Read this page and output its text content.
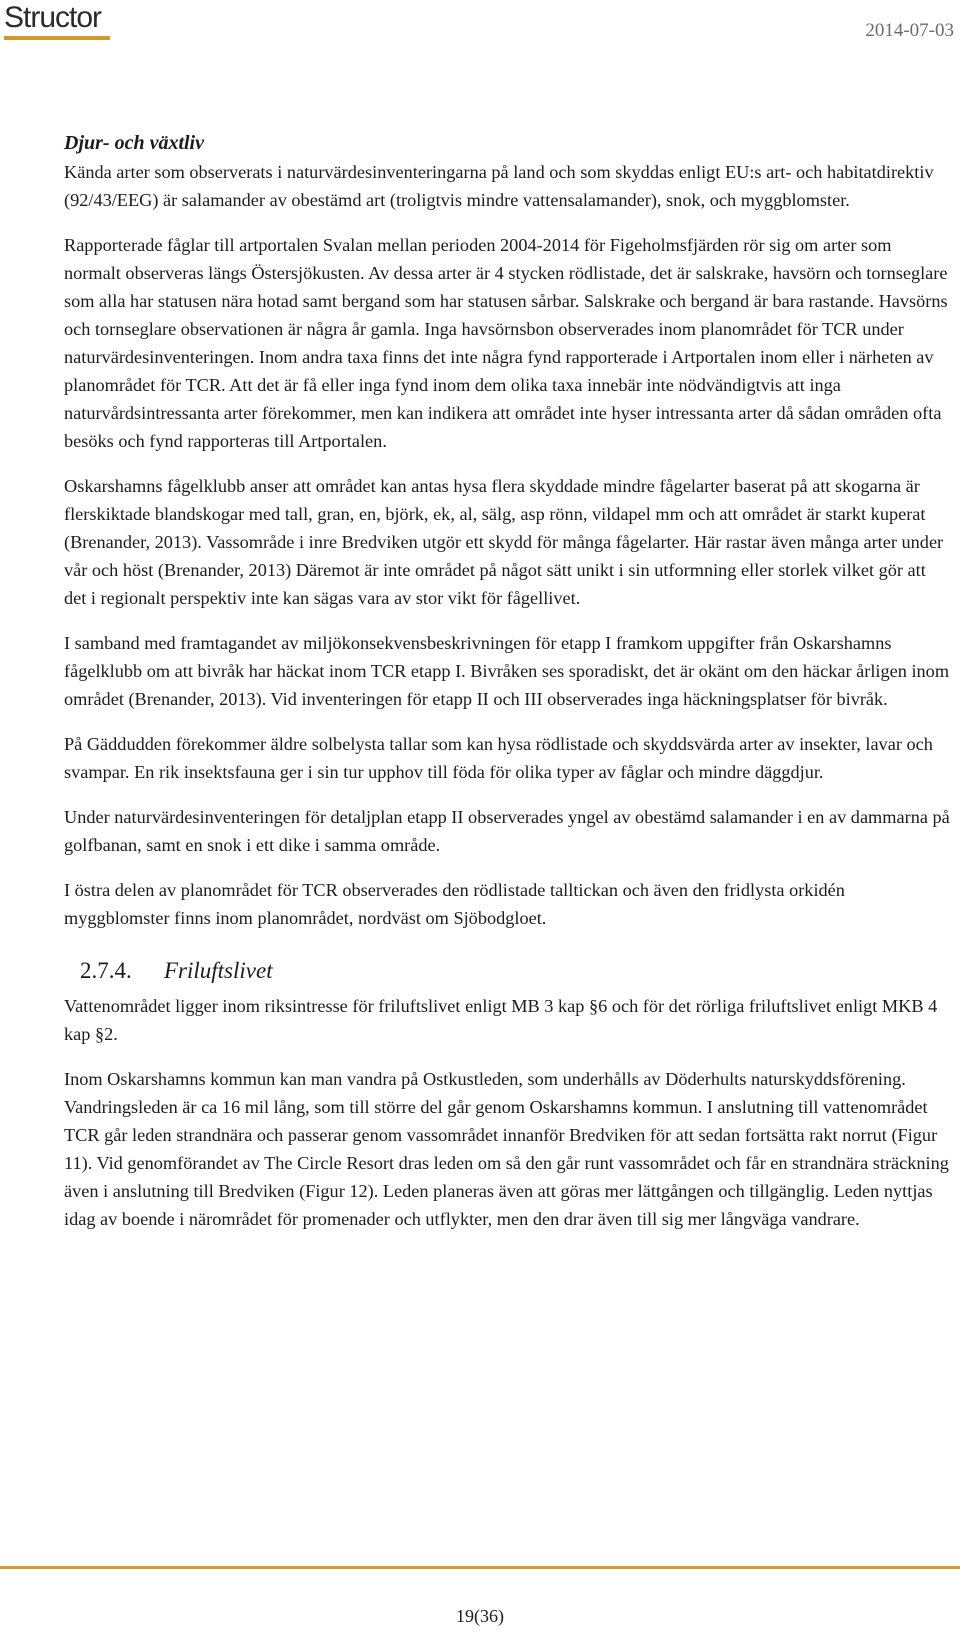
Structor	2014-07-03
Djur- och växtliv

Kända arter som observerats i naturvärdesinventeringarna på land och som skyddas enligt EU:s art- och habitatdirektiv (92/43/EEG) är salamander av obestämd art (troligtvis mindre vattensalamander), snok, och myggblomster.

Rapporterade fåglar till artportalen Svalan mellan perioden 2004-2014 för Figeholmsfjärden rör sig om arter som normalt observeras längs Östersjökusten. Av dessa arter är 4 stycken rödlistade, det är salskrake, havsörn och tornseglare som alla har statusen nära hotad samt bergand som har statusen sårbar. Salskrake och bergand är bara rastande. Havsörns och tornseglare observationen är några år gamla. Inga havsörnsbon observerades inom planområdet för TCR under naturvärdesinventeringen. Inom andra taxa finns det inte några fynd rapporterade i Artportalen inom eller i närheten av planområdet för TCR. Att det är få eller inga fynd inom dem olika taxa innebär inte nödvändigtvis att inga naturvårdsintressanta arter förekommer, men kan indikera att området inte hyser intressanta arter då sådan områden ofta besöks och fynd rapporteras till Artportalen.

Oskarshamns fågelklubb anser att området kan antas hysa flera skyddade mindre fågelarter baserat på att skogarna är flerskiktade blandskogar med tall, gran, en, björk, ek, al, sälg, asp rönn, vildapel mm och att området är starkt kuperat (Brenander, 2013). Vassområde i inre Bredviken utgör ett skydd för många fågelarter. Här rastar även många arter under vår och höst (Brenander, 2013) Däremot är inte området på något sätt unikt i sin utformning eller storlek vilket gör att det i regionalt perspektiv inte kan sägas vara av stor vikt för fågellivet.

I samband med framtagandet av miljökonsekvensbeskrivningen för etapp I framkom uppgifter från Oskarshamns fågelklubb om att bivråk har häckat inom TCR etapp I. Bivråken ses sporadiskt, det är okänt om den häckar årligen inom området (Brenander, 2013). Vid inventeringen för etapp II och III observerades inga häckningsplatser för bivråk.

På Gäddudden förekommer äldre solbelysta tallar som kan hysa rödlistade och skyddsvärda arter av insekter, lavar och svampar. En rik insektsfauna ger i sin tur upphov till föda för olika typer av fåglar och mindre däggdjur.

Under naturvärdesinventeringen för detaljplan etapp II observerades yngel av obestämd salamander i en av dammarna på golfbanan, samt en snok i ett dike i samma område.

I östra delen av planområdet för TCR observerades den rödlistade talltickan och även den fridlysta orkidén myggblomster finns inom planområdet, nordväst om Sjöbodgloet.

2.7.4. Friluftslivet

Vattenområdet ligger inom riksintresse för friluftslivet enligt MB 3 kap §6 och för det rörliga friluftslivet enligt MKB 4 kap §2.

Inom Oskarshamns kommun kan man vandra på Ostkustleden, som underhålls av Döderhults naturskyddsförening. Vandringsleden är ca 16 mil lång, som till större del går genom Oskarshamns kommun. I anslutning till vattenområdet TCR går leden strandnära och passerar genom vassområdet innanför Bredviken för att sedan fortsätta rakt norrut (Figur 11). Vid genomförandet av The Circle Resort dras leden om så den går runt vassområdet och får en strandnära sträckning även i anslutning till Bredviken (Figur 12). Leden planeras även att göras mer lättgången och tillgänglig. Leden nyttjas idag av boende i närområdet för promenader och utflykter, men den drar även till sig mer långväga vandrare.

19(36)
